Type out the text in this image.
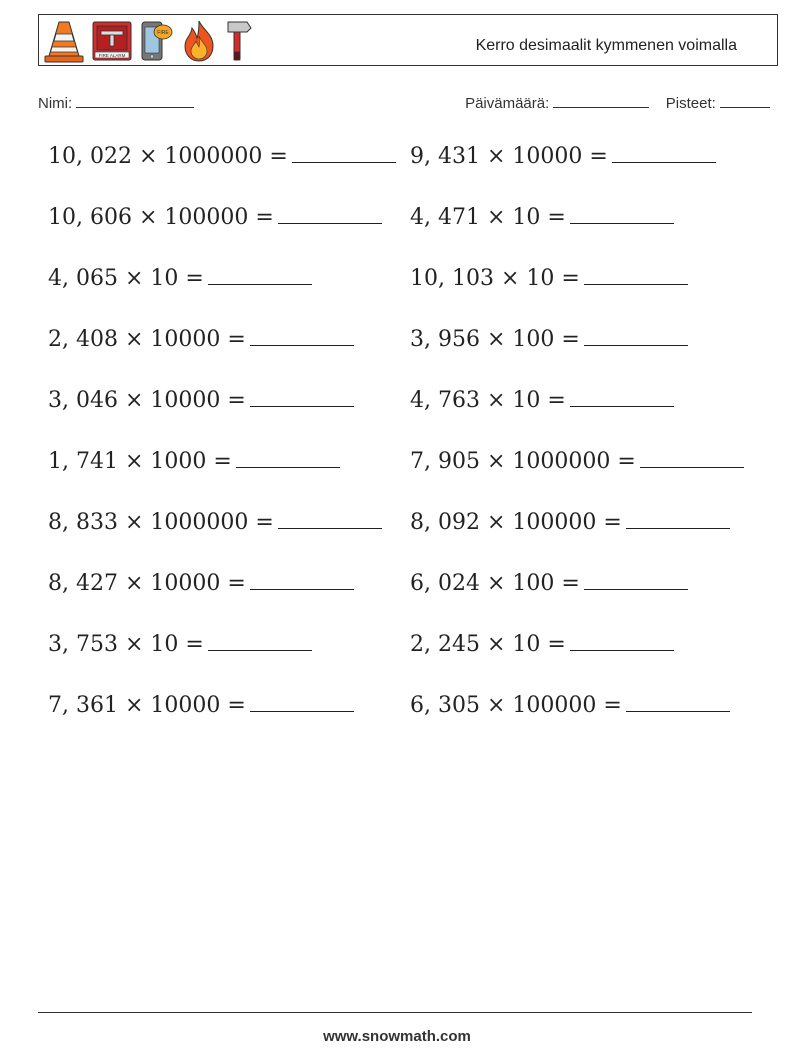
FIRE ALARM
FIRE
Kerro desimaalit kymmenen voimalla
Nimi:	Päivämäärä:	Pisteet:
10, 022 × 1000000 =
10, 606 × 100000 =
4, 065 × 10 =
2, 408 × 10000 =
3, 046 × 10000 =
1, 741 × 1000 =
8, 833 × 1000000 =
8, 427 × 10000 =
3, 753 × 10 =
7, 361 × 10000 =
9, 431 × 10000 =
4, 471 × 10 =
10, 103 × 10 =
3, 956 × 100 =
4, 763 × 10 =
7, 905 × 1000000 =
8, 092 × 100000 =
6, 024 × 100 =
2, 245 × 10 =
6, 305 × 100000 =
www.snowmath.com
